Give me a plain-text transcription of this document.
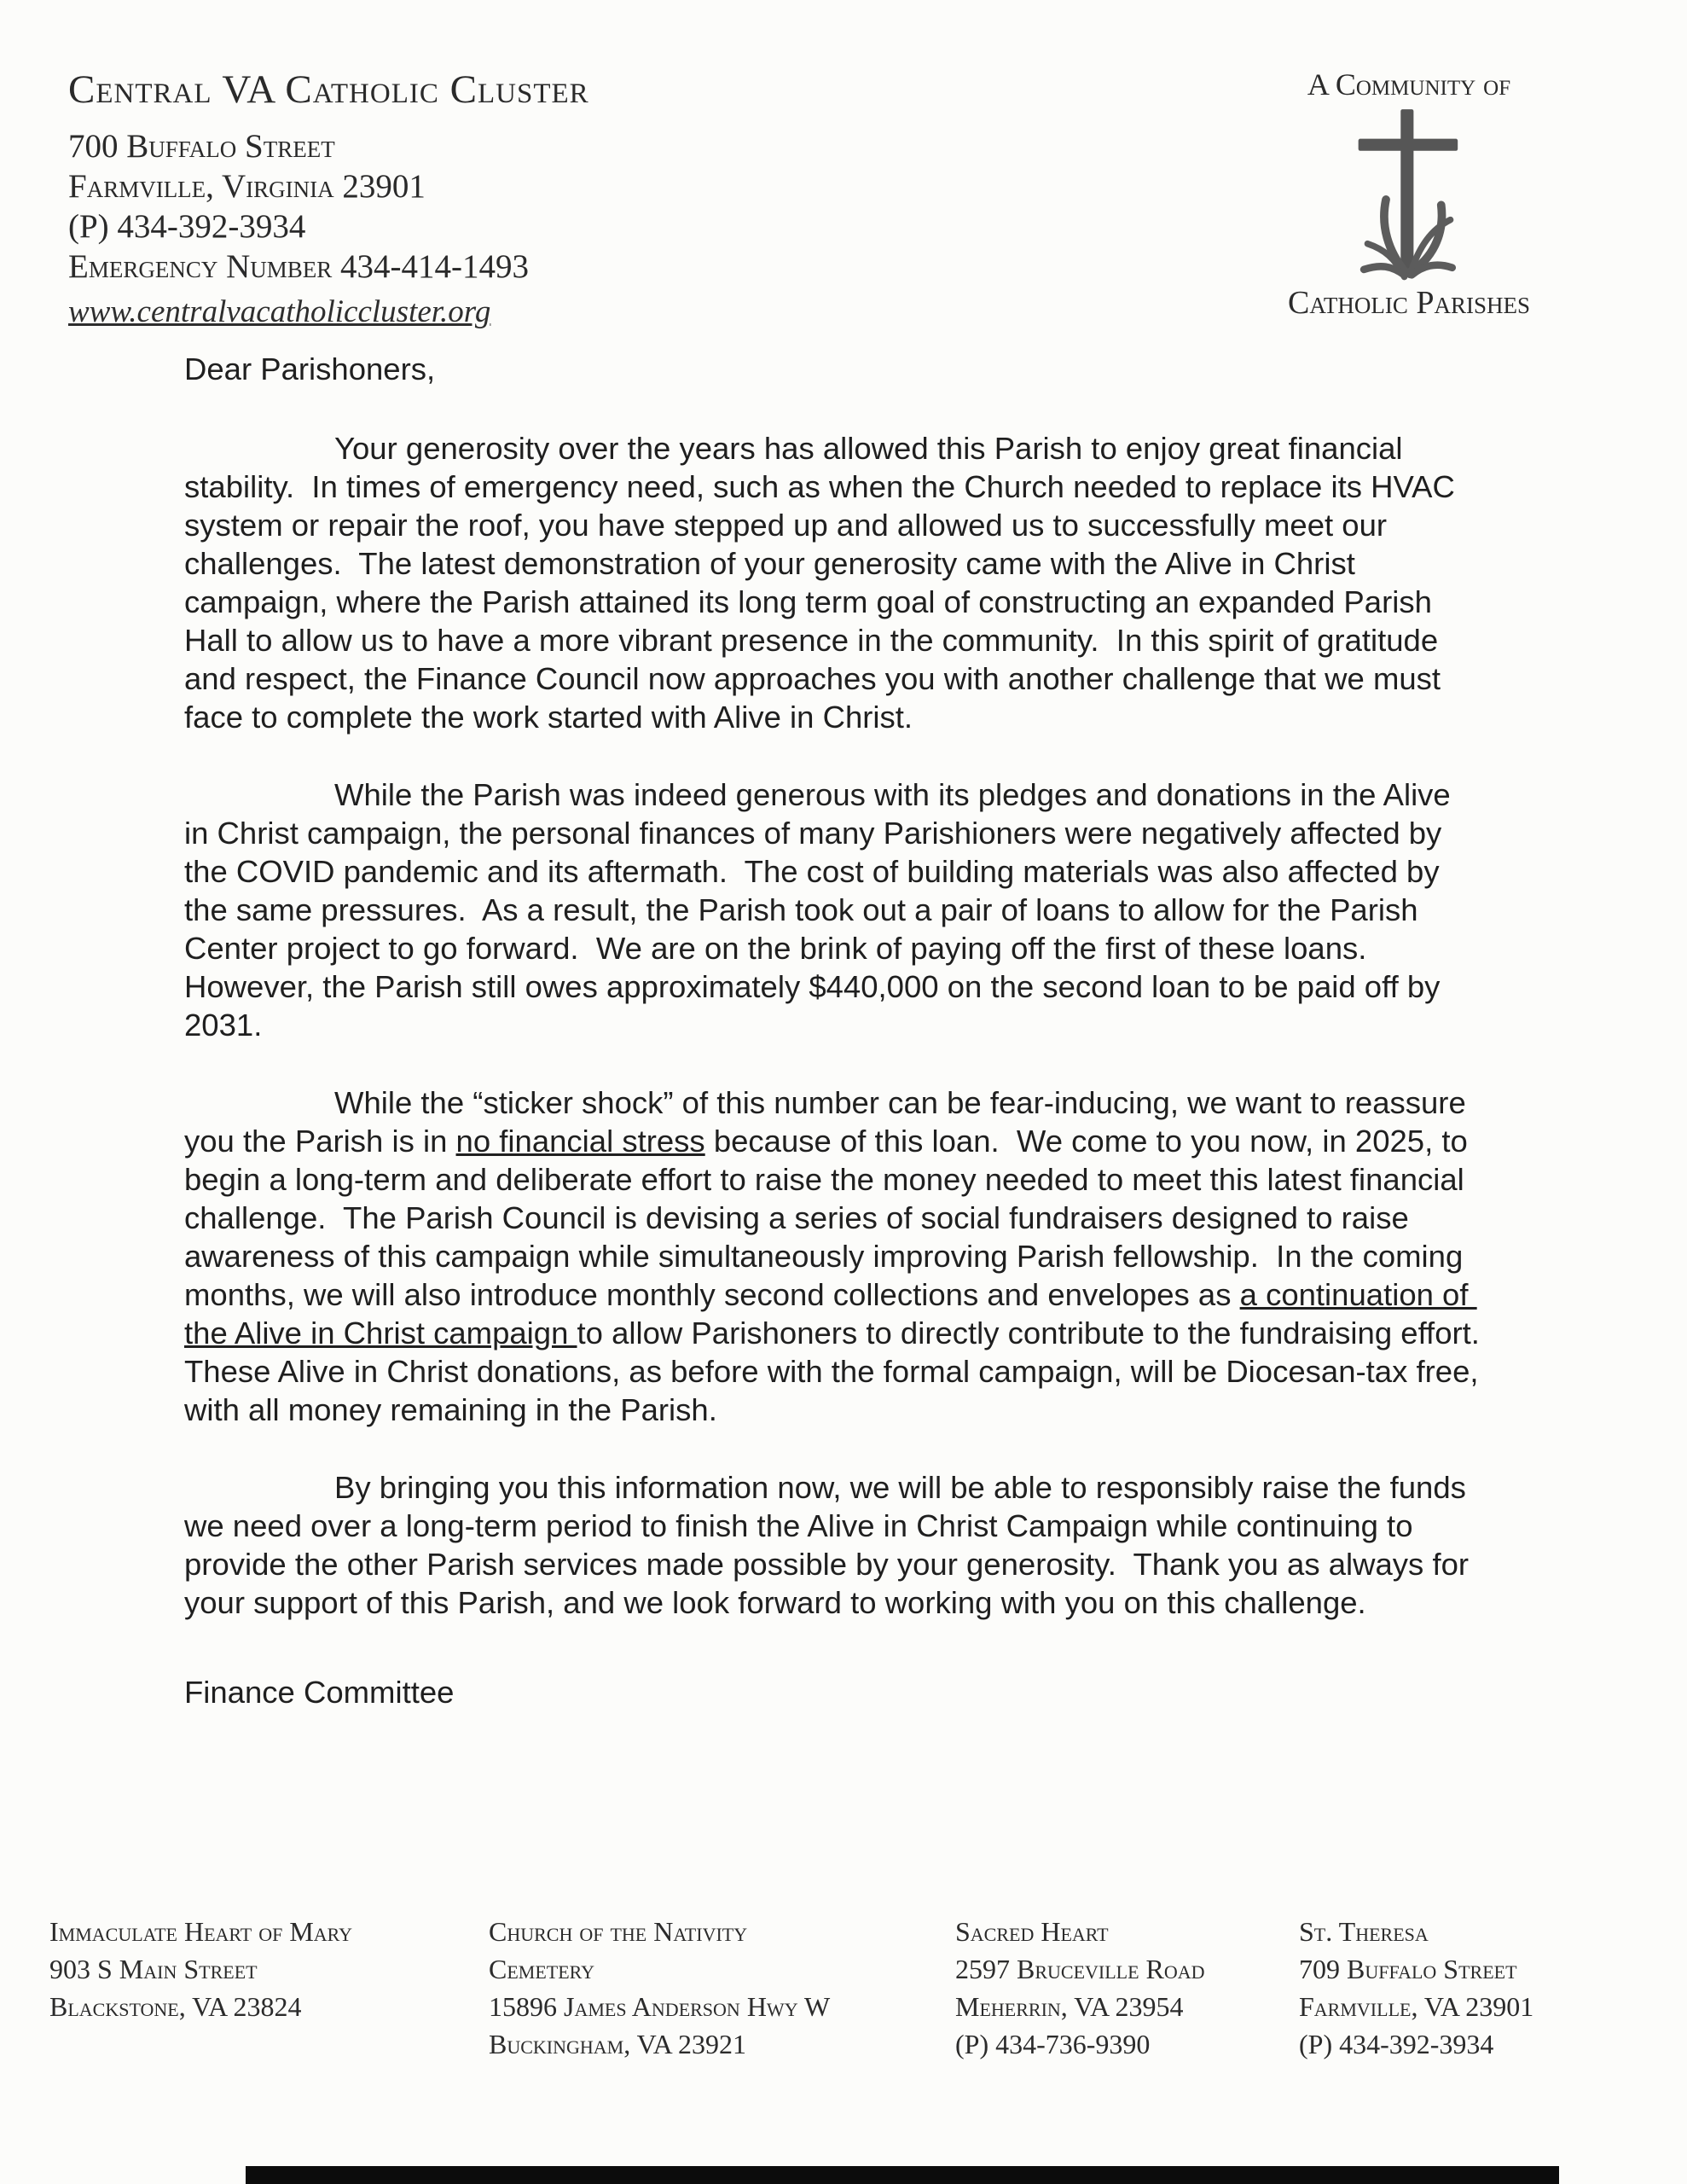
Central VA Catholic Cluster
700 Buffalo Street
Farmville, Virginia 23901
(P) 434-392-3934
Emergency Number 434-414-1493
www.centralvacatholiccluster.org
A Community of
Catholic Parishes

Dear Parishoners,

Your generosity over the years has allowed this Parish to enjoy great financial stability.  In times of emergency need, such as when the Church needed to replace its HVAC system or repair the roof, you have stepped up and allowed us to successfully meet our challenges.  The latest demonstration of your generosity came with the Alive in Christ campaign, where the Parish attained its long term goal of constructing an expanded Parish Hall to allow us to have a more vibrant presence in the community.  In this spirit of gratitude and respect, the Finance Council now approaches you with another challenge that we must face to complete the work started with Alive in Christ.

While the Parish was indeed generous with its pledges and donations in the Alive in Christ campaign, the personal finances of many Parishioners were negatively affected by the COVID pandemic and its aftermath.  The cost of building materials was also affected by the same pressures.  As a result, the Parish took out a pair of loans to allow for the Parish Center project to go forward.  We are on the brink of paying off the first of these loans.  However, the Parish still owes approximately $440,000 on the second loan to be paid off by 2031.

While the “sticker shock” of this number can be fear-inducing, we want to reassure you the Parish is in no financial stress because of this loan.  We come to you now, in 2025, to begin a long-term and deliberate effort to raise the money needed to meet this latest financial challenge.  The Parish Council is devising a series of social fundraisers designed to raise awareness of this campaign while simultaneously improving Parish fellowship.  In the coming months, we will also introduce monthly second collections and envelopes as a continuation of the Alive in Christ campaign to allow Parishoners to directly contribute to the fundraising effort.  These Alive in Christ donations, as before with the formal campaign, will be Diocesan-tax free, with all money remaining in the Parish.

By bringing you this information now, we will be able to responsibly raise the funds we need over a long-term period to finish the Alive in Christ Campaign while continuing to provide the other Parish services made possible by your generosity.  Thank you as always for your support of this Parish, and we look forward to working with you on this challenge.

Finance Committee

Immaculate Heart of Mary
903 S Main Street
Blackstone, VA 23824
Church of the Nativity
Cemetery
15896 James Anderson Hwy W
Buckingham, VA 23921
Sacred Heart
2597 Bruceville Road
Meherrin, VA 23954
(P) 434-736-9390
St. Theresa
709 Buffalo Street
Farmville, VA 23901
(P) 434-392-3934
